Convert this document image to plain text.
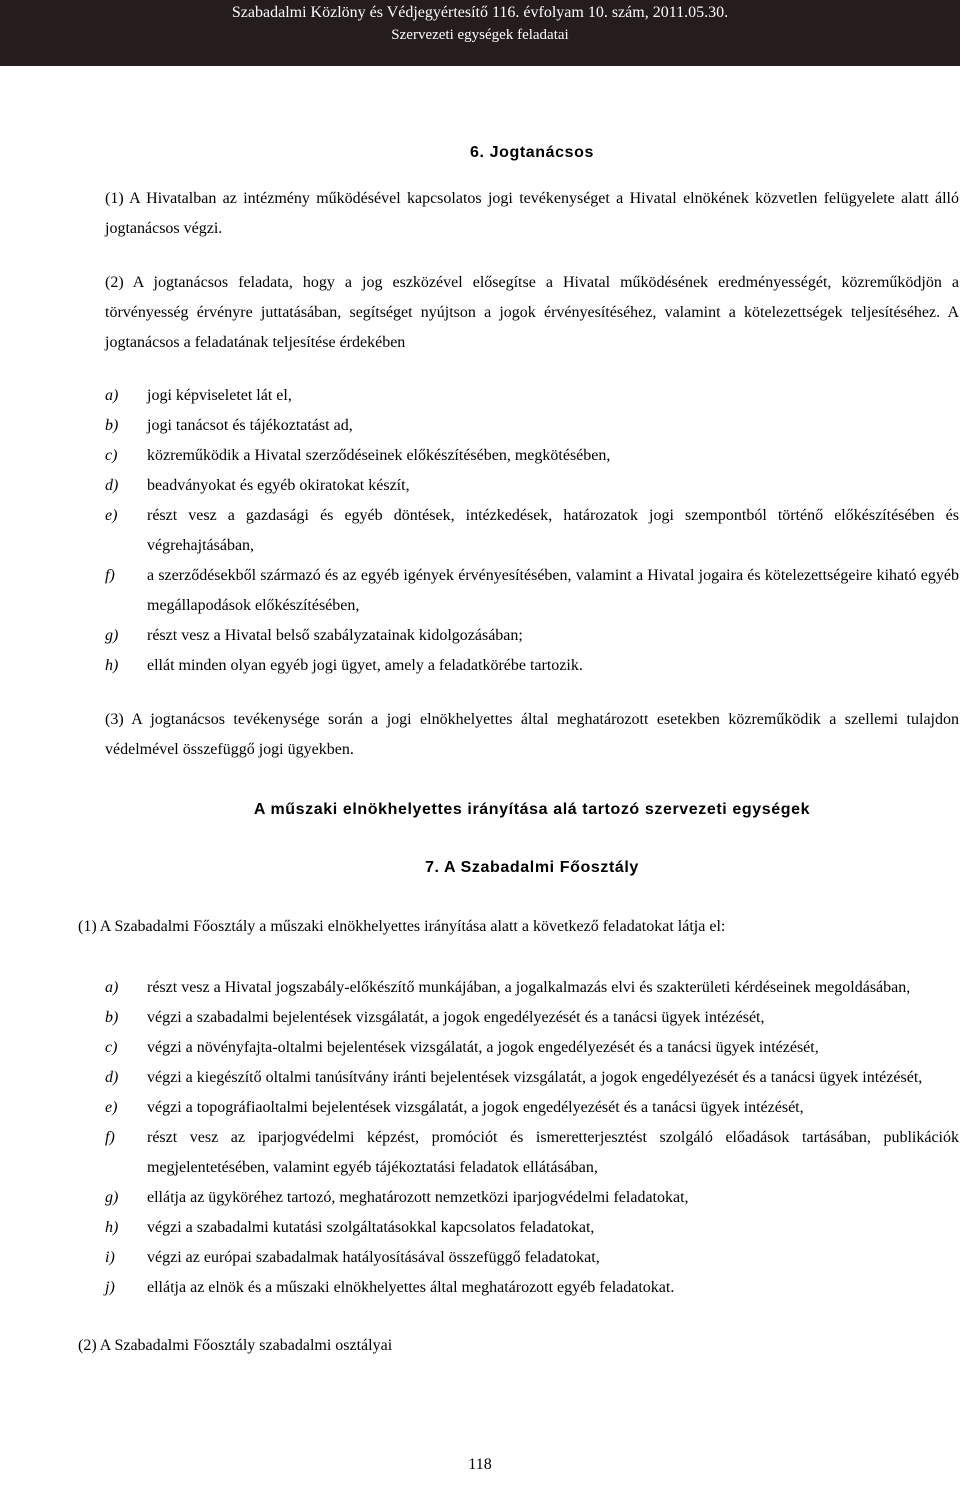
Szabadalmi Közlöny és Védjegyértesítő 116. évfolyam 10. szám, 2011.05.30.
Szervezeti egységek feladatai
6. Jogtanácsos

(1) A Hivatalban az intézmény működésével kapcsolatos jogi tevékenységet a Hivatal elnökének közvetlen felügyelete alatt álló jogtanácsos végzi.

(2) A jogtanácsos feladata, hogy a jog eszközével elősegítse a Hivatal működésének eredményességét, közreműködjön a törvényesség érvényre juttatásában, segítséget nyújtson a jogok érvényesítéséhez, valamint a kötelezettségek teljesítéséhez. A jogtanácsos a feladatának teljesítése érdekében

a)	jogi képviseletet lát el,
b)	jogi tanácsot és tájékoztatást ad,
c)	közreműködik a Hivatal szerződéseinek előkészítésében, megkötésében,
d)	beadványokat és egyéb okiratokat készít,
e)	részt vesz a gazdasági és egyéb döntések, intézkedések, határozatok jogi szempontból történő előkészítésében és végrehajtásában,
f)	a szerződésekből származó és az egyéb igények érvényesítésében, valamint a Hivatal jogaira és kötelezettségeire kiható egyéb megállapodások előkészítésében,
g)	részt vesz a Hivatal belső szabályzatainak kidolgozásában;
h)	ellát minden olyan egyéb jogi ügyet, amely a feladatkörébe tartozik.

(3) A jogtanácsos tevékenysége során a jogi elnökhelyettes által meghatározott esetekben közreműködik a szellemi tulajdon védelmével összefüggő jogi ügyekben.

A műszaki elnökhelyettes irányítása alá tartozó szervezeti egységek
7. A Szabadalmi Főosztály

(1) A Szabadalmi Főosztály a műszaki elnökhelyettes irányítása alatt a következő feladatokat látja el:

a)	részt vesz a Hivatal jogszabály-előkészítő munkájában, a jogalkalmazás elvi és szakterületi kérdéseinek megoldásában,
b)	végzi a szabadalmi bejelentések vizsgálatát, a jogok engedélyezését és a tanácsi ügyek intézését,
c)	végzi a növényfajta-oltalmi bejelentések vizsgálatát, a jogok engedélyezését és a tanácsi ügyek intézését,
d)	végzi a kiegészítő oltalmi tanúsítvány iránti bejelentések vizsgálatát, a jogok engedélyezését és a tanácsi ügyek intézését,
e)	végzi a topográfiaoltalmi bejelentések vizsgálatát, a jogok engedélyezését és a tanácsi ügyek intézését,
f)	részt vesz az iparjogvédelmi képzést, promóciót és ismeretterjesztést szolgáló előadások tartásában, publikációk megjelentetésében, valamint egyéb tájékoztatási feladatok ellátásában,
g)	ellátja az ügyköréhez tartozó, meghatározott nemzetközi iparjogvédelmi feladatokat,
h)	végzi a szabadalmi kutatási szolgáltatásokkal kapcsolatos feladatokat,
i)	végzi az európai szabadalmak hatályosításával összefüggő feladatokat,
j)	ellátja az elnök és a műszaki elnökhelyettes által meghatározott egyéb feladatokat.

(2) A Szabadalmi Főosztály szabadalmi osztályai

118
